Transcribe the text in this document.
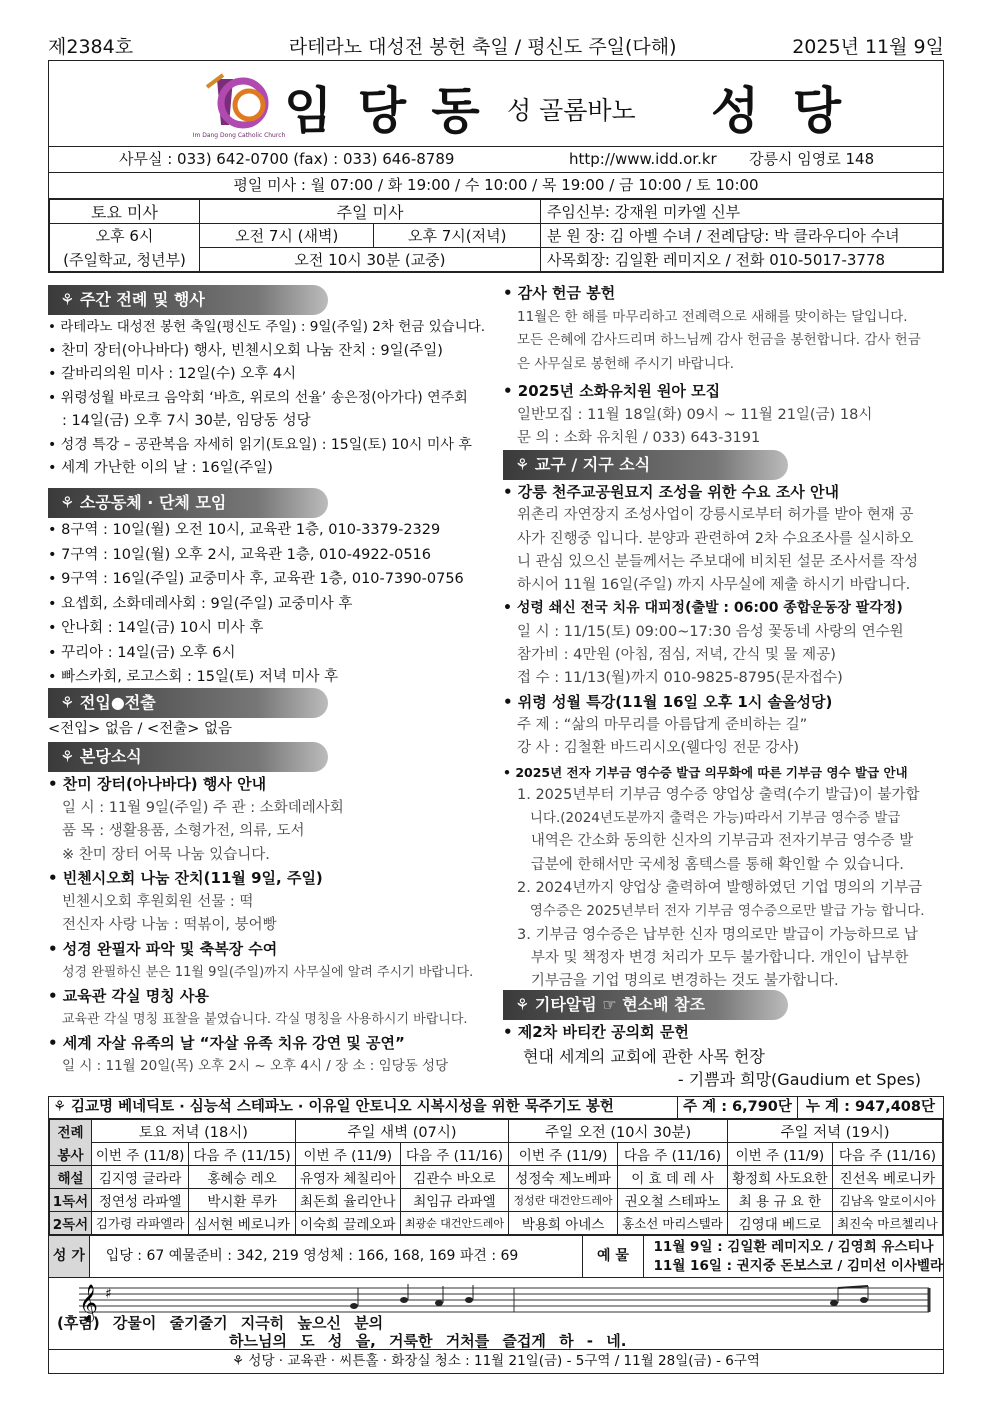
제2384호	라테라노 대성전 봉헌 축일 / 평신도 주일(다해)	2025년 11월 9일
Im Dang Dong Catholic Church
임 당 동 성 골롬바노 성 당
사무실 : 033) 642-0700 (fax) : 033) 646-8789	http://www.idd.or.kr 강릉시 임영로 148
평일 미사 : 월 07:00 / 화 19:00 / 수 10:00 / 목 19:00 / 금 10:00 / 토 10:00
토요 미사	주일 미사		주임신부: 강재원 미카엘 신부
오후 6시	오전 7시 (새벽)	오후 7시(저녁)	분 원 장: 김 아벨 수녀 / 전례담당: 박 클라우디아 수녀
(주일학교, 청년부)	오전 10시 30분 (교중)		사목회장: 김일환 레미지오 / 전화 010-5017-3778
⚘ 주간 전례 및 행사

• 라테라노 대성전 봉헌 축일(평신도 주일) : 9일(주일) 2차 헌금 있습니다.

• 찬미 장터(아나바다) 행사, 빈첸시오회 나눔 잔치 : 9일(주일)

• 갈바리의원 미사 : 12일(수) 오후 4시

• 위령성월 바로크 음악회 ‘바흐, 위로의 선율’ 송은정(아가다) 연주회

: 14일(금) 오후 7시 30분, 임당동 성당

• 성경 특강 – 공관복음 자세히 읽기(토요일) : 15일(토) 10시 미사 후

• 세계 가난한 이의 날 : 16일(주일)

⚘ 소공동체 · 단체 모임

• 8구역 : 10일(월) 오전 10시, 교육관 1층, 010-3379-2329

• 7구역 : 10일(월) 오후 2시, 교육관 1층, 010-4922-0516

• 9구역 : 16일(주일) 교중미사 후, 교육관 1층, 010-7390-0756

• 요셉회, 소화데레사회 : 9일(주일) 교중미사 후

• 안나회 : 14일(금) 10시 미사 후

• 꾸리아 : 14일(금) 오후 6시

• 빠스카회, 로고스회 : 15일(토) 저녁 미사 후

⚘ 전입●전출

<전입> 없음 / <전출> 없음

⚘ 본당소식

• 찬미 장터(아나바다) 행사 안내

일 시 : 11월 9일(주일) 주 관 : 소화데레사회

품 목 : 생활용품, 소형가전, 의류, 도서

※ 찬미 장터 어묵 나눔 있습니다.

• 빈첸시오회 나눔 잔치(11월 9일, 주일)

빈첸시오회 후원회원 선물 : 떡

전신자 사랑 나눔 : 떡볶이, 붕어빵

• 성경 완필자 파악 및 축복장 수여

성경 완필하신 분은 11월 9일(주일)까지 사무실에 알려 주시기 바랍니다.

• 교육관 각실 명칭 사용

교육관 각실 명칭 표찰을 붙였습니다. 각실 명칭을 사용하시기 바랍니다.

• 세계 자살 유족의 날 “자살 유족 치유 강연 및 공연”

일 시 : 11월 20일(목) 오후 2시 ~ 오후 4시 / 장 소 : 임당동 성당

• 감사 헌금 봉헌

11월은 한 해를 마무리하고 전례력으로 새해를 맞이하는 달입니다.

모든 은혜에 감사드리며 하느님께 감사 헌금을 봉헌합니다. 감사 헌금

은 사무실로 봉헌해 주시기 바랍니다.

• 2025년 소화유치원 원아 모집

일반모집 : 11월 18일(화) 09시 ~ 11월 21일(금) 18시

문 의 : 소화 유치원 / 033) 643-3191

⚘ 교구 / 지구 소식

• 강릉 천주교공원묘지 조성을 위한 수요 조사 안내

위촌리 자연장지 조성사업이 강릉시로부터 허가를 받아 현재 공

사가 진행중 입니다. 분양과 관련하여 2차 수요조사를 실시하오

니 관심 있으신 분들께서는 주보대에 비치된 설문 조사서를 작성

하시어 11월 16일(주일) 까지 사무실에 제출 하시기 바랍니다.

• 성령 쇄신 전국 치유 대피정(출발 : 06:00 종합운동장 팔각정)

일 시 : 11/15(토) 09:00~17:30 음성 꽃동네 사랑의 연수원

참가비 : 4만원 (아침, 점심, 저녁, 간식 및 물 제공)

접 수 : 11/13(월)까지 010-9825-8795(문자접수)

• 위령 성월 특강(11월 16일 오후 1시 솔올성당)

주 제 : “삶의 마무리를 아름답게 준비하는 길”

강 사 : 김철환 바드리시오(웰다잉 전문 강사)

• 2025년 전자 기부금 영수증 발급 의무화에 따른 기부금 영수 발급 안내

1. 2025년부터 기부금 영수증 양업상 출력(수기 발급)이 불가합

니다.(2024년도분까지 출력은 가능)따라서 기부금 영수증 발급

내역은 간소화 동의한 신자의 기부금과 전자기부금 영수증 발

급분에 한해서만 국세청 홈텍스를 통해 확인할 수 있습니다.

2. 2024년까지 양업상 출력하여 발행하였던 기업 명의의 기부금

영수증은 2025년부터 전자 기부금 영수증으로만 발급 가능 합니다.

3. 기부금 영수증은 납부한 신자 명의로만 발급이 가능하므로 납

부자 및 책정자 변경 처리가 모두 불가합니다. 개인이 납부한

기부금을 기업 명의로 변경하는 것도 불가합니다.

⚘ 기타알림 ☞ 현소배 참조

• 제2차 바티칸 공의회 문헌

현대 세계의 교회에 관한 사목 헌장

- 기쁨과 희망(Gaudium et Spes)

⚘ 김교명 베네딕토 · 심능석 스테파노 · 이유일 안토니오 시복시성을 위한 묵주기도 봉헌	주 계 : 6,790단 누 계 : 947,408단
전례	토요 저녁 (18시)		주일 새벽 (07시)		주일 오전 (10시 30분)		주일 저녁 (19시)	
봉사	이번 주 (11/8)	다음 주 (11/15)	이번 주 (11/9)	다음 주 (11/16)	이번 주 (11/9)	다음 주 (11/16)	이번 주 (11/9)	다음 주 (11/16)
해설	김지영 글라라	홍혜승 레오	유영자 체칠리아	김관수 바오로	성정숙 제노베파	이 효 데 레 사	황정희 사도요한	진선옥 베로니카
1독서	정연성 라파엘	박시환 루카	최돈희 율리안나	최임규 라파엘	정성란 대건안드레아	권오철 스테파노	최 용 규 요 한	김남옥 알로이시아
2독서	김가령 라파엘라	심서현 베로니카	이숙희 끌레오파	최광순 대건안드레아	박용희 아네스	홍소선 마리스텔라	김영대 베드로	최진숙 마르첼리나
성 가	입당 : 67 예물준비 : 342, 219 영성체 : 166, 168, 169 파견 : 69	예 물
11월 9일 : 김일환 레미지오 / 김영희 유스티나
11월 16일 : 권지중 돈보스코 / 김미선 이사벨라
𝄞 ♯
(후렴) 강물이 줄기줄기 지극히 높으신 분의
하느님의 도 성 을, 거룩한 거처를 즐겁게 하 - 네.
⚘ 성당 · 교육관 · 씨튼홀 · 화장실 청소 : 11월 21일(금) - 5구역 / 11월 28일(금) - 6구역
